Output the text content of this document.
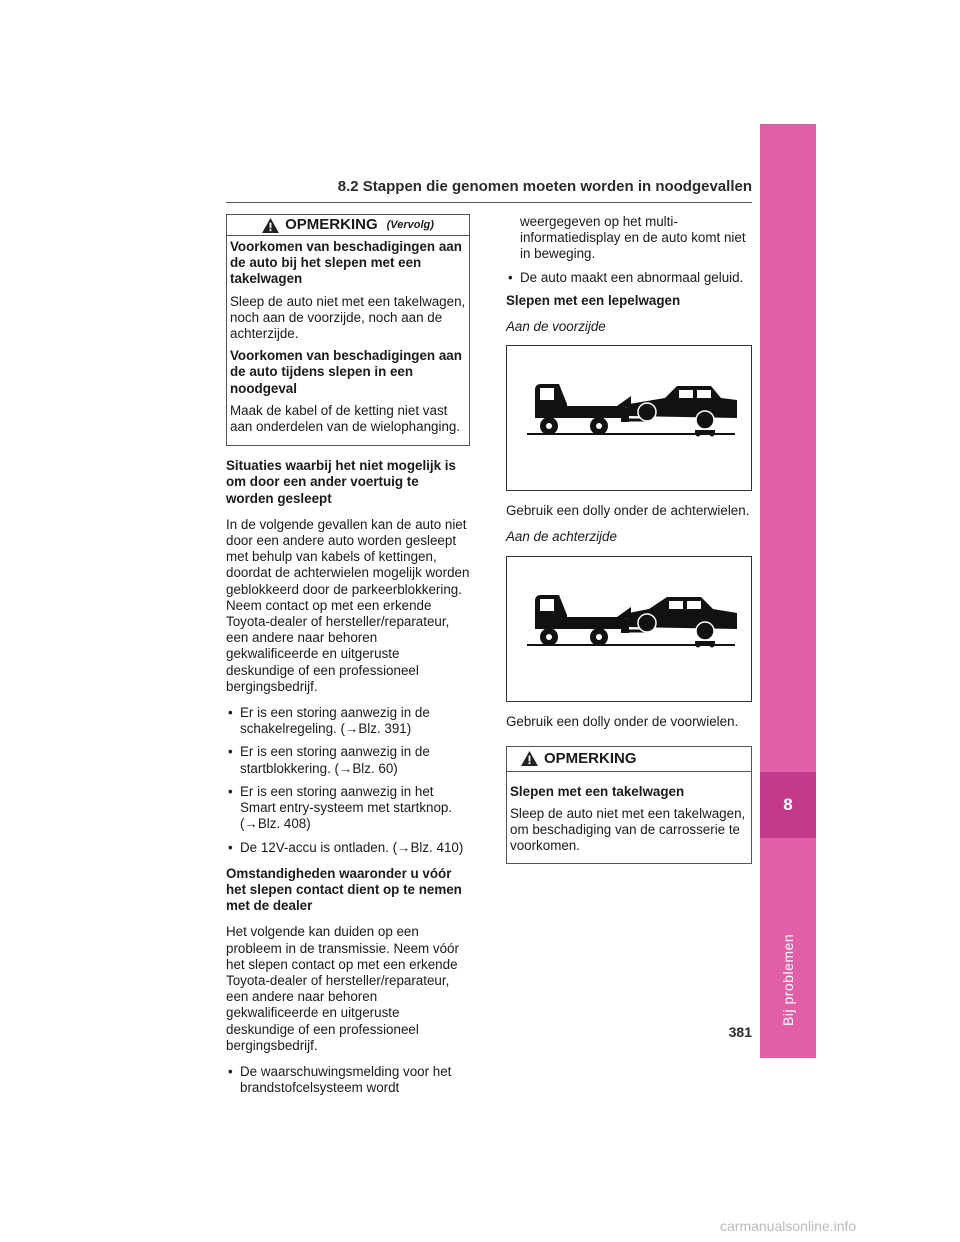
8
Bij problemen
8.2 Stappen die genomen moeten worden in noodgevallen
OPMERKING (Vervolg)
Voorkomen van beschadigingen aan de auto bij het slepen met een takelwagen

Sleep de auto niet met een takelwagen, noch aan de voorzijde, noch aan de achterzijde.

Voorkomen van beschadigingen aan de auto tijdens slepen in een noodgeval

Maak de kabel of de ketting niet vast aan onderdelen van de wielophanging.

Situaties waarbij het niet mogelijk is om door een ander voertuig te worden gesleept

In de volgende gevallen kan de auto niet door een andere auto worden gesleept met behulp van kabels of kettingen, doordat de achterwielen mogelijk worden geblokkeerd door de parkeerblokkering. Neem contact op met een erkende Toyota-dealer of hersteller/reparateur, een andere naar behoren gekwalificeerde en uitgeruste deskundige of een professioneel bergingsbedrijf.

• Er is een storing aanwezig in de schakelregeling. (→Blz. 391)
• Er is een storing aanwezig in de startblokkering. (→Blz. 60)
• Er is een storing aanwezig in het Smart entry-systeem met startknop. (→Blz. 408)
• De 12V-accu is ontladen. (→Blz. 410)
Omstandigheden waaronder u vóór het slepen contact dient op te nemen met de dealer

Het volgende kan duiden op een probleem in de transmissie. Neem vóór het slepen contact op met een erkende Toyota-dealer of hersteller/reparateur, een andere naar behoren gekwalificeerde en uitgeruste deskundige of een professioneel bergingsbedrijf.

• De waarschuwingsmelding voor het brandstofcelsysteem wordt
weergegeven op het multi-informatiedisplay en de auto komt niet in beweging.
• De auto maakt een abnormaal geluid.
Slepen met een lepelwagen

Aan de voorzijde

Gebruik een dolly onder de achterwielen.

Aan de achterzijde

Gebruik een dolly onder de voorwielen.

OPMERKING
Slepen met een takelwagen

Sleep de auto niet met een takelwagen, om beschadiging van de carrosserie te voorkomen.

381
carmanualsonline.info
